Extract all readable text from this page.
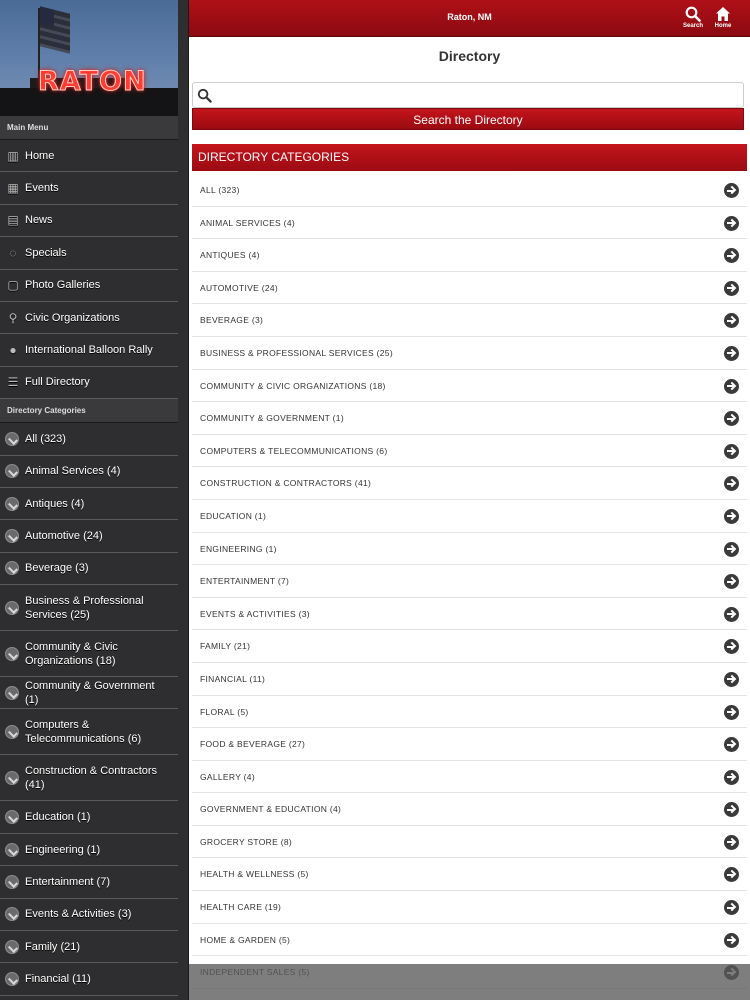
RATON
Main Menu
▥ Home
▦ Events
▤ News
◌ Specials
▢ Photo Galleries
⚲ Civic Organizations
● International Balloon Rally
☰ Full Directory
Directory Categories
All (323)
Animal Services (4)
Antiques (4)
Automotive (24)
Beverage (3)
Business & Professional Services (25)
Community & Civic Organizations (18)
Community & Government (1)
Computers & Telecommunications (6)
Construction & Contractors (41)
Education (1)
Engineering (1)
Entertainment (7)
Events & Activities (3)
Family (21)
Financial (11)
Raton, NM
Search	Home
Directory
Search the Directory
DIRECTORY CATEGORIES
ALL (323)
ANIMAL SERVICES (4)
ANTIQUES (4)
AUTOMOTIVE (24)
BEVERAGE (3)
BUSINESS & PROFESSIONAL SERVICES (25)
COMMUNITY & CIVIC ORGANIZATIONS (18)
COMMUNITY & GOVERNMENT (1)
COMPUTERS & TELECOMMUNICATIONS (6)
CONSTRUCTION & CONTRACTORS (41)
EDUCATION (1)
ENGINEERING (1)
ENTERTAINMENT (7)
EVENTS & ACTIVITIES (3)
FAMILY (21)
FINANCIAL (11)
FLORAL (5)
FOOD & BEVERAGE (27)
GALLERY (4)
GOVERNMENT & EDUCATION (4)
GROCERY STORE (8)
HEALTH & WELLNESS (5)
HEALTH CARE (19)
HOME & GARDEN (5)
